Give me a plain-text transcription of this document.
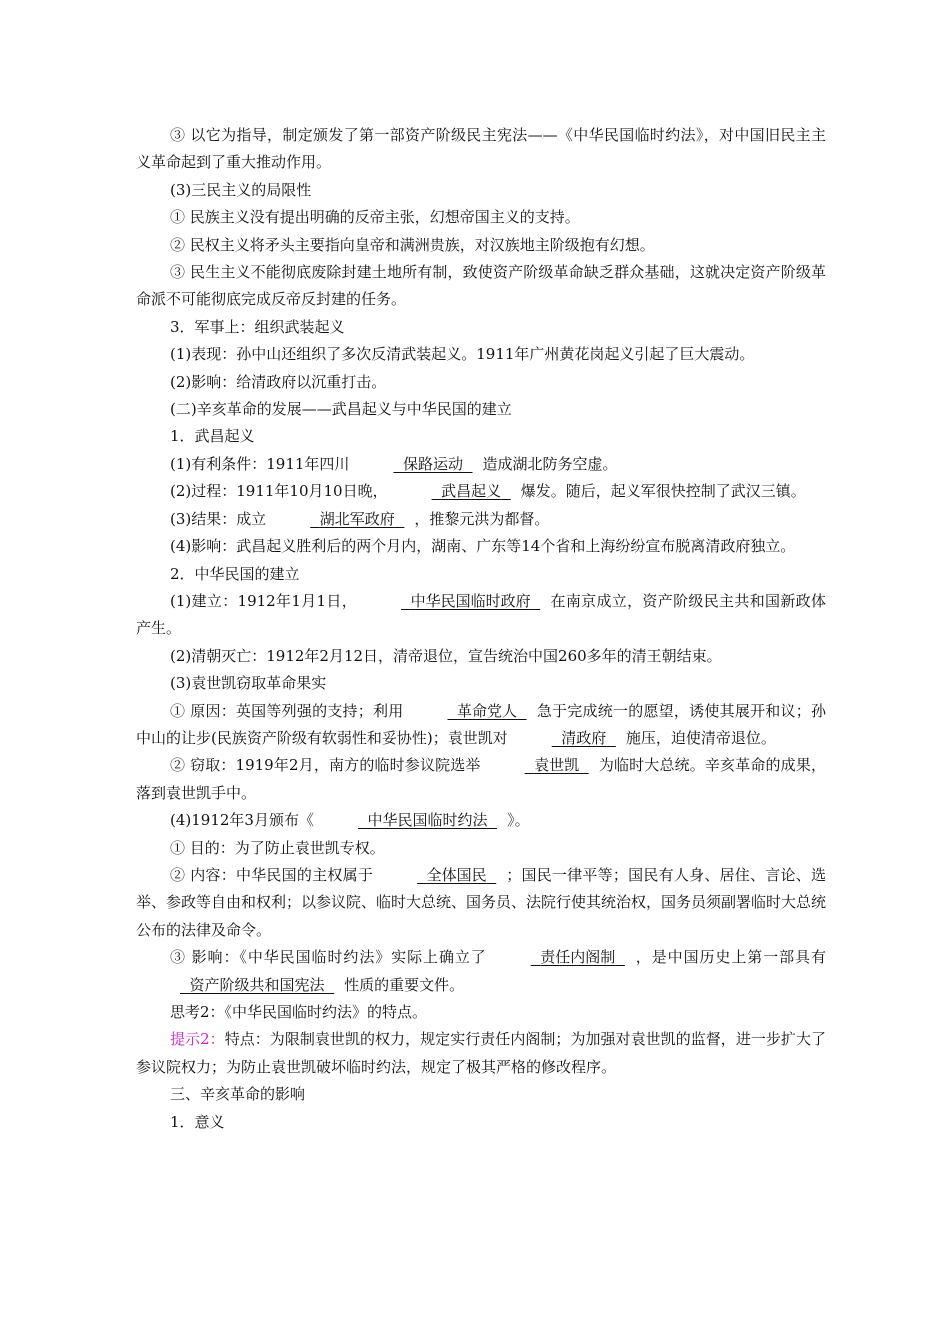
③ 以它为指导，制定颁发了第一部资产阶级民主宪法——《中华民国临时约法》，对中国旧民主主义革命起到了重大推动作用。

(3)三民主义的局限性

① 民族主义没有提出明确的反帝主张，幻想帝国主义的支持。

② 民权主义将矛头主要指向皇帝和满洲贵族，对汉族地主阶级抱有幻想。

③ 民生主义不能彻底废除封建土地所有制，致使资产阶级革命缺乏群众基础，这就决定资产阶级革命派不可能彻底完成反帝反封建的任务。

3．军事上：组织武装起义

(1)表现：孙中山还组织了多次反清武装起义。1911年广州黄花岗起义引起了巨大震动。

(2)影响：给清政府以沉重打击。

(二)辛亥革命的发展——武昌起义与中华民国的建立

1．武昌起义

(1)有利条件：1911年四川	保路运动 造成湖北防务空虚。

(2)过程：1911年10月10日晚，	武昌起义 爆发。随后，起义军很快控制了武汉三镇。

(3)结果：成立	湖北军政府 ，推黎元洪为都督。

(4)影响：武昌起义胜利后的两个月内，湖南、广东等14个省和上海纷纷宣布脱离清政府独立。

2．中华民国的建立

(1)建立：1912年1月1日，	中华民国临时政府 在南京成立，资产阶级民主共和国新政体产生。

(2)清朝灭亡：1912年2月12日，清帝退位，宣告统治中国260多年的清王朝结束。

(3)袁世凯窃取革命果实

① 原因：英国等列强的支持；利用	革命党人 急于完成统一的愿望，诱使其展开和议；孙中山的让步(民族资产阶级有软弱性和妥协性)；袁世凯对	清政府 施压，迫使清帝退位。

② 窃取：1919年2月，南方的临时参议院选举	袁世凯 为临时大总统。辛亥革命的成果，落到袁世凯手中。

(4)1912年3月颁布《	中华民国临时约法 》。

① 目的：为了防止袁世凯专权。

② 内容：中华民国的主权属于	全体国民 ；国民一律平等；国民有人身、居住、言论、选举、参政等自由和权利；以参议院、临时大总统、国务员、法院行使其统治权，国务员须副署临时大总统公布的法律及命令。

③ 影响：《中华民国临时约法》实际上确立了	责任内阁制 ，是中国历史上第一部具有资产阶级共和国宪法 性质的重要文件。

思考2：《中华民国临时约法》的特点。

提示2：特点：为限制袁世凯的权力，规定实行责任内阁制；为加强对袁世凯的监督，进一步扩大了参议院权力；为防止袁世凯破坏临时约法，规定了极其严格的修改程序。

三、辛亥革命的影响

1．意义
